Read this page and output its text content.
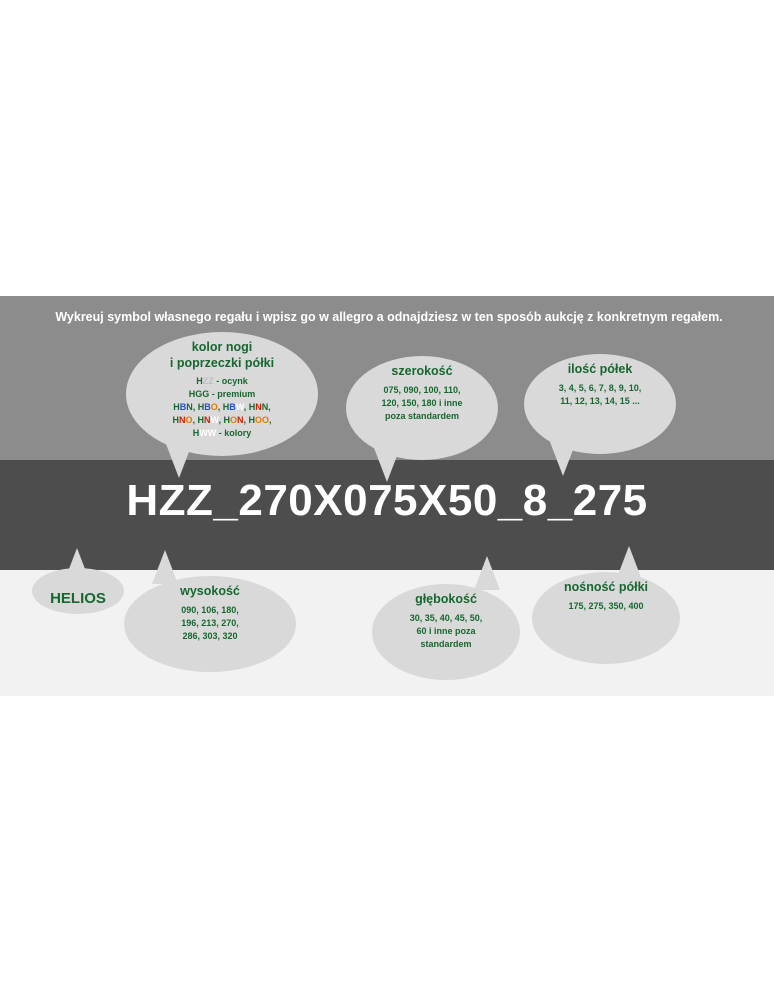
Wykreuj symbol własnego regału i wpisz go w allegro a odnajdziesz w ten sposób aukcję z konkretnym regałem.
HZZ_270X075X50_8_275
kolor nogi
i poprzeczki półki
HZZ - ocynk
HGG - premium
HBN, HBO, HBW, HNN,
HNO, HNW, HON, HOO,
HWW - kolory
szerokość
075, 090, 100, 110,
120, 150, 180 i inne
poza standardem
ilość półek
3, 4, 5, 6, 7, 8, 9, 10,
11, 12, 13, 14, 15 ...
HELIOS	wysokość
090, 106, 180,
196, 213, 270,
286, 303, 320
głębokość
30, 35, 40, 45, 50,
60 i inne poza
standardem
nośność półki
175, 275, 350, 400
